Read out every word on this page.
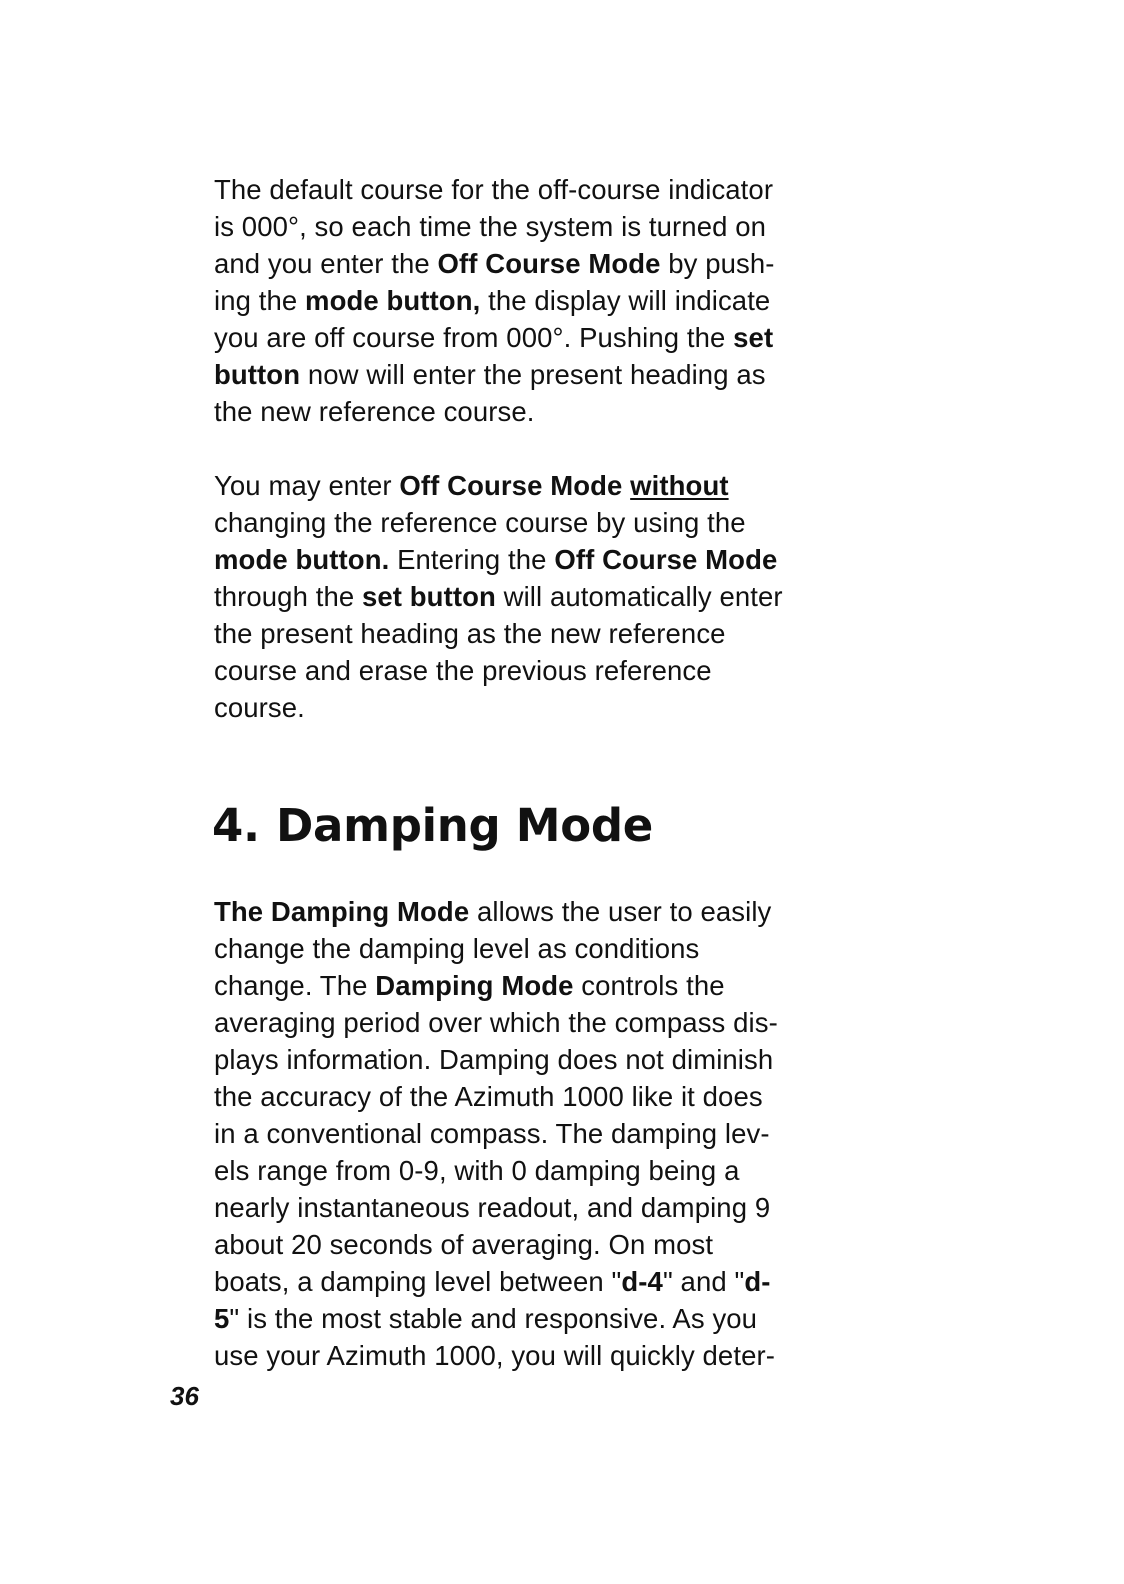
The default course for the off-course indicator
is 000°, so each time the system is turned on
and you enter the Off Course Mode by push-
ing the mode button, the display will indicate
you are off course from 000°. Pushing the set
button now will enter the present heading as
the new reference course.
You may enter Off Course Mode without
changing the reference course by using the
mode button. Entering the Off Course Mode
through the set button will automatically enter
the present heading as the new reference
course and erase the previous reference
course.
4. Damping Mode
The Damping Mode allows the user to easily
change the damping level as conditions
change. The Damping Mode controls the
averaging period over which the compass dis-
plays information. Damping does not diminish
the accuracy of the Azimuth 1000 like it does
in a conventional compass. The damping lev-
els range from 0-9, with 0 damping being a
nearly instantaneous readout, and damping 9
about 20 seconds of averaging. On most
boats, a damping level between "d-4" and "d-
5" is the most stable and responsive. As you
use your Azimuth 1000, you will quickly deter-
36
